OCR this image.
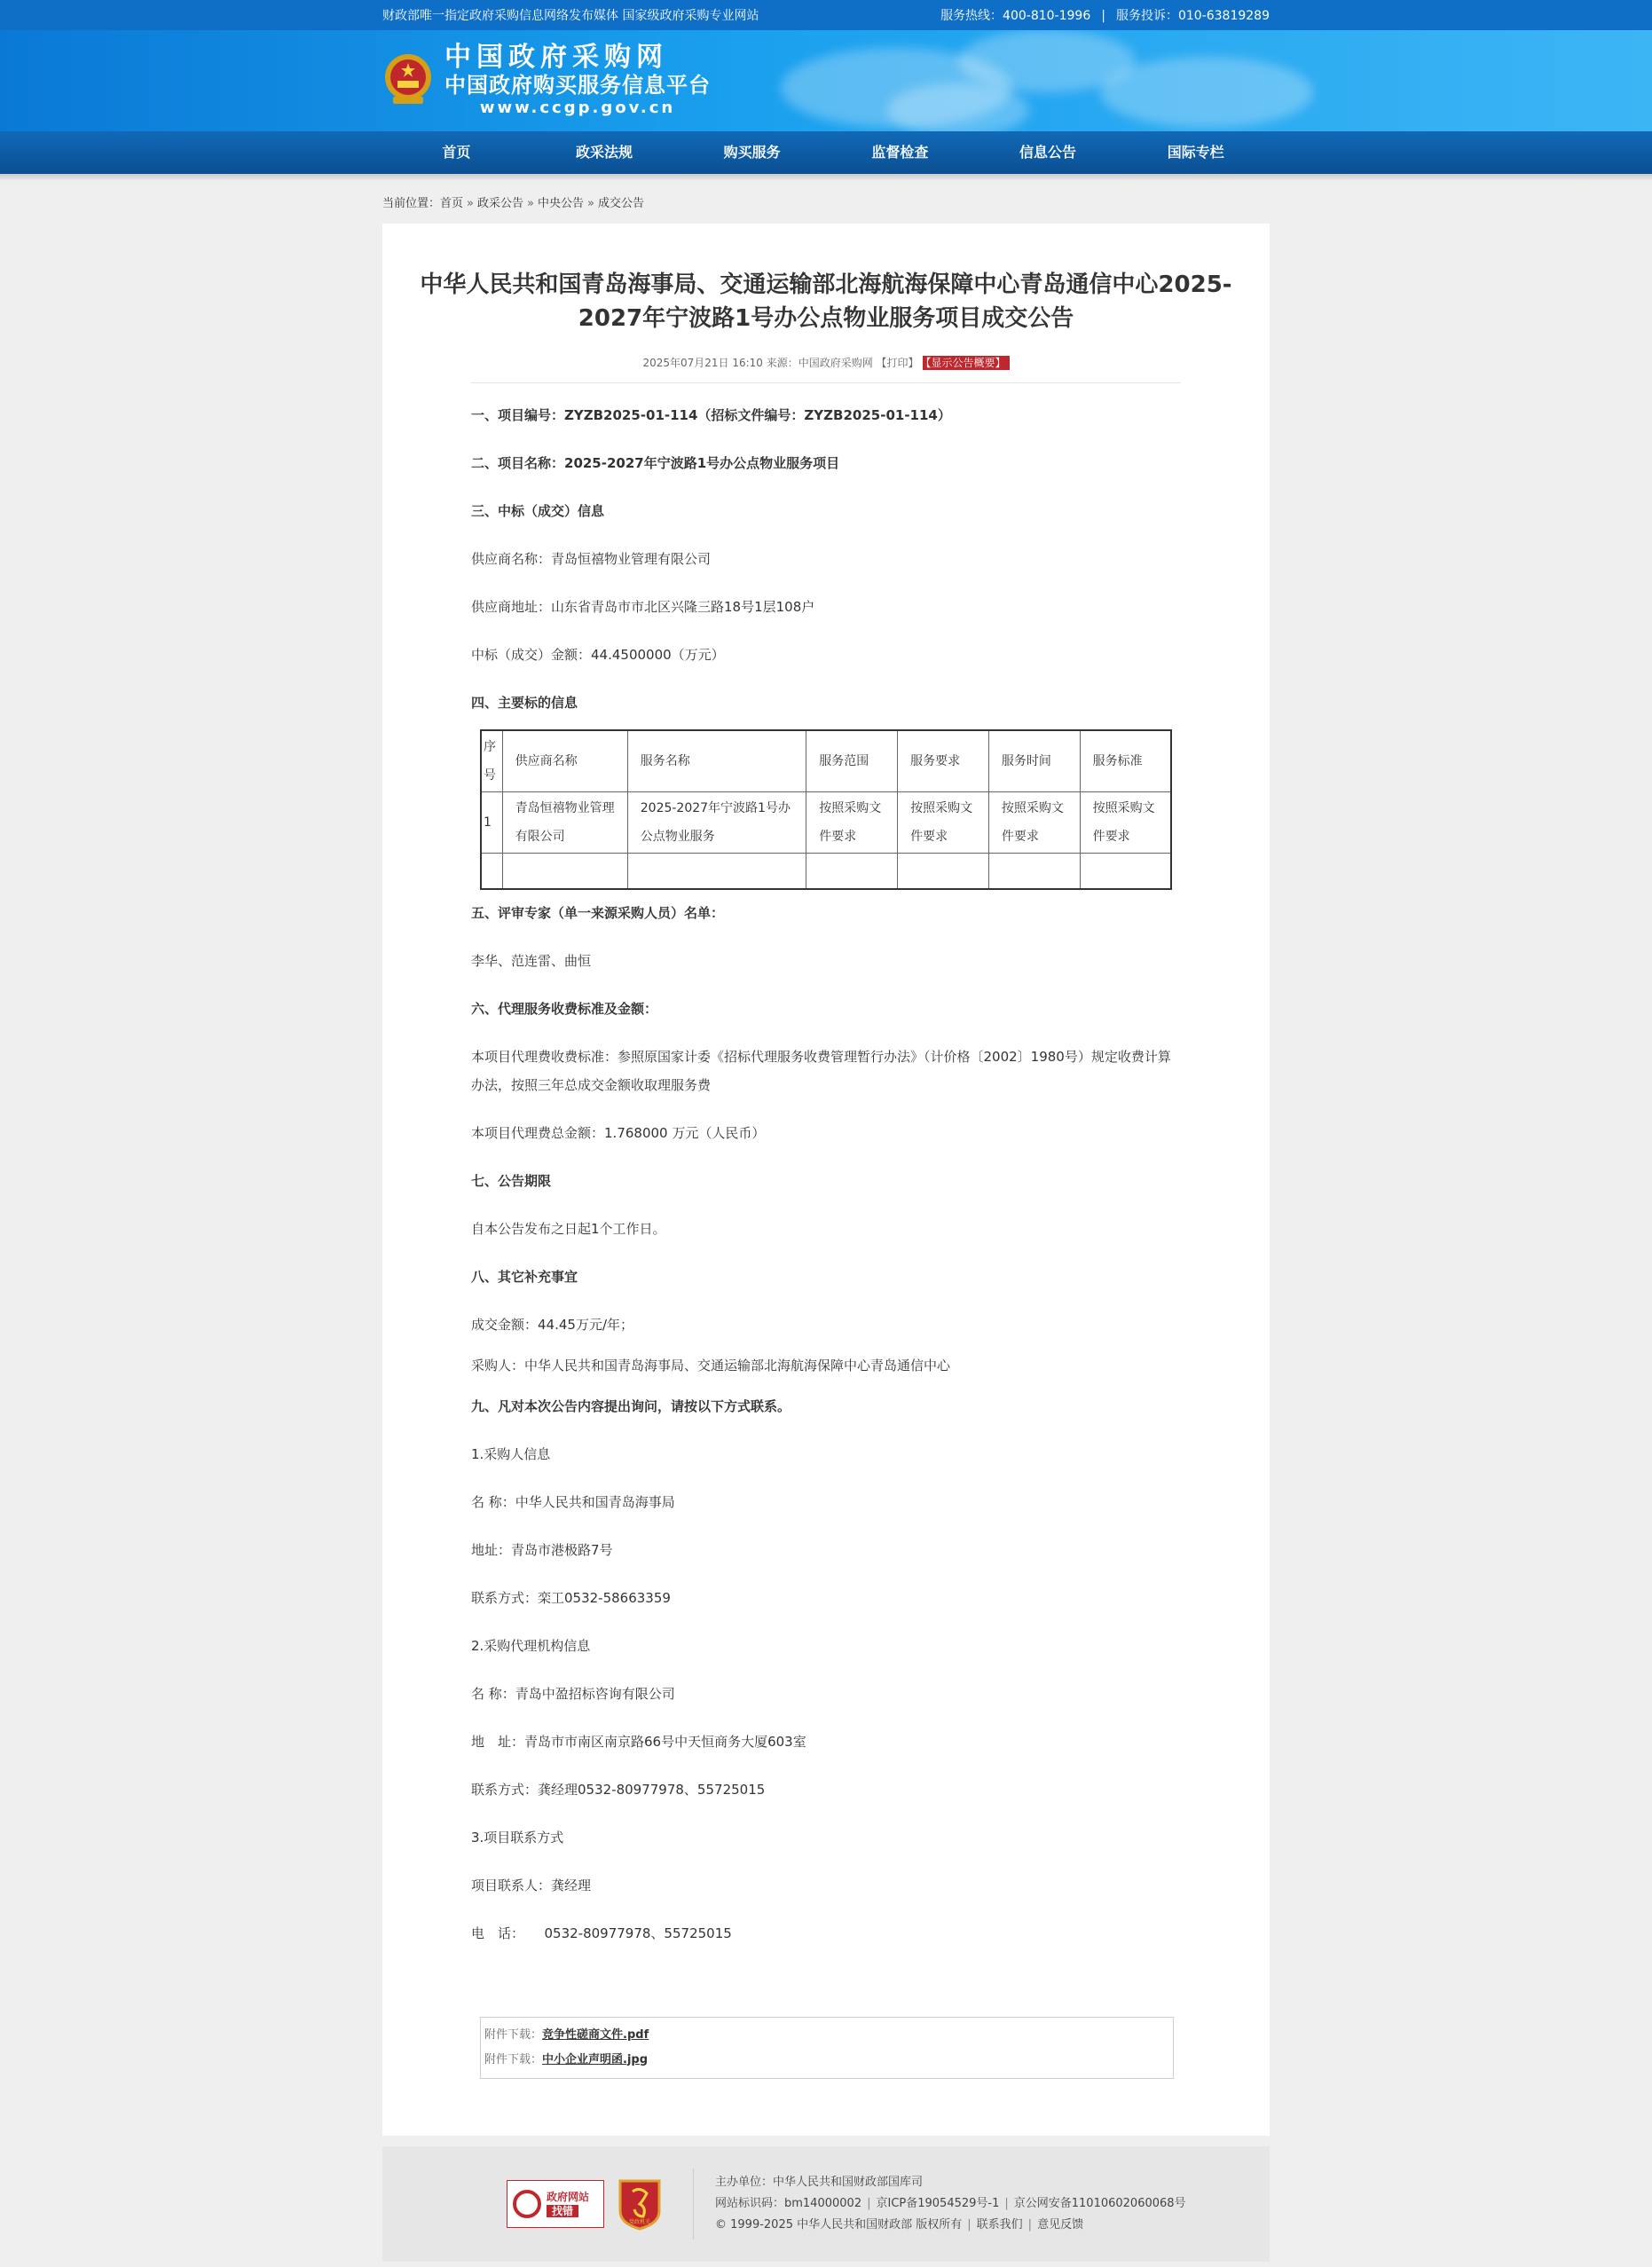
财政部唯一指定政府采购信息网络发布媒体 国家级政府采购专业网站	服务热线：400-810-1996 | 服务投诉：010-63819289
中国政府采购网
中国政府购买服务信息平台
www.ccgp.gov.cn
首页	政采法规	购买服务	监督检查	信息公告	国际专栏
当前位置：首页 » 政采公告 » 中央公告 » 成交公告
中华人民共和国青岛海事局、交通运输部北海航海保障中心青岛通信中心2025-2027年宁波路1号办公点物业服务项目成交公告
2025年07月21日 16:10 来源：中国政府采购网 【打印】 【显示公告概要】

一、项目编号：ZYZB2025-01-114（招标文件编号：ZYZB2025-01-114）

二、项目名称：2025-2027年宁波路1号办公点物业服务项目

三、中标（成交）信息

供应商名称：青岛恒禧物业管理有限公司

供应商地址：山东省青岛市市北区兴隆三路18号1层108户

中标（成交）金额：44.4500000（万元）

四、主要标的信息

序号	供应商名称	服务名称	服务范围	服务要求	服务时间	服务标准
1	青岛恒禧物业管理有限公司	2025-2027年宁波路1号办公点物业服务	按照采购文件要求	按照采购文件要求	按照采购文件要求	按照采购文件要求

五、评审专家（单一来源采购人员）名单：

李华、范连雷、曲恒

六、代理服务收费标准及金额：

本项目代理费收费标准：参照原国家计委《招标代理服务收费管理暂行办法》（计价格〔2002〕1980号）规定收费计算办法，按照三年总成交金额收取理服务费

本项目代理费总金额：1.768000 万元（人民币）

七、公告期限

自本公告发布之日起1个工作日。

八、其它补充事宜

成交金额：44.45万元/年；

采购人：中华人民共和国青岛海事局、交通运输部北海航海保障中心青岛通信中心

九、凡对本次公告内容提出询问，请按以下方式联系。

1.采购人信息

名 称：中华人民共和国青岛海事局

地址：青岛市港极路7号

联系方式：栾工0532-58663359

2.采购代理机构信息

名 称：青岛中盈招标咨询有限公司

地　址：青岛市市南区南京路66号中天恒商务大厦603室

联系方式：龚经理0532-80977978、55725015

3.项目联系方式

项目联系人：龚经理

电　话：　　0532-80977978、55725015

附件下载：竞争性磋商文件.pdf
附件下载：中小企业声明函.jpg
政府网站
找错
党政机关
主办单位：中华人民共和国财政部国库司
网站标识码：bm14000002 | 京ICP备19054529号-1 | 京公网安备11010602060068号
© 1999-2025 中华人民共和国财政部 版权所有 | 联系我们 | 意见反馈
